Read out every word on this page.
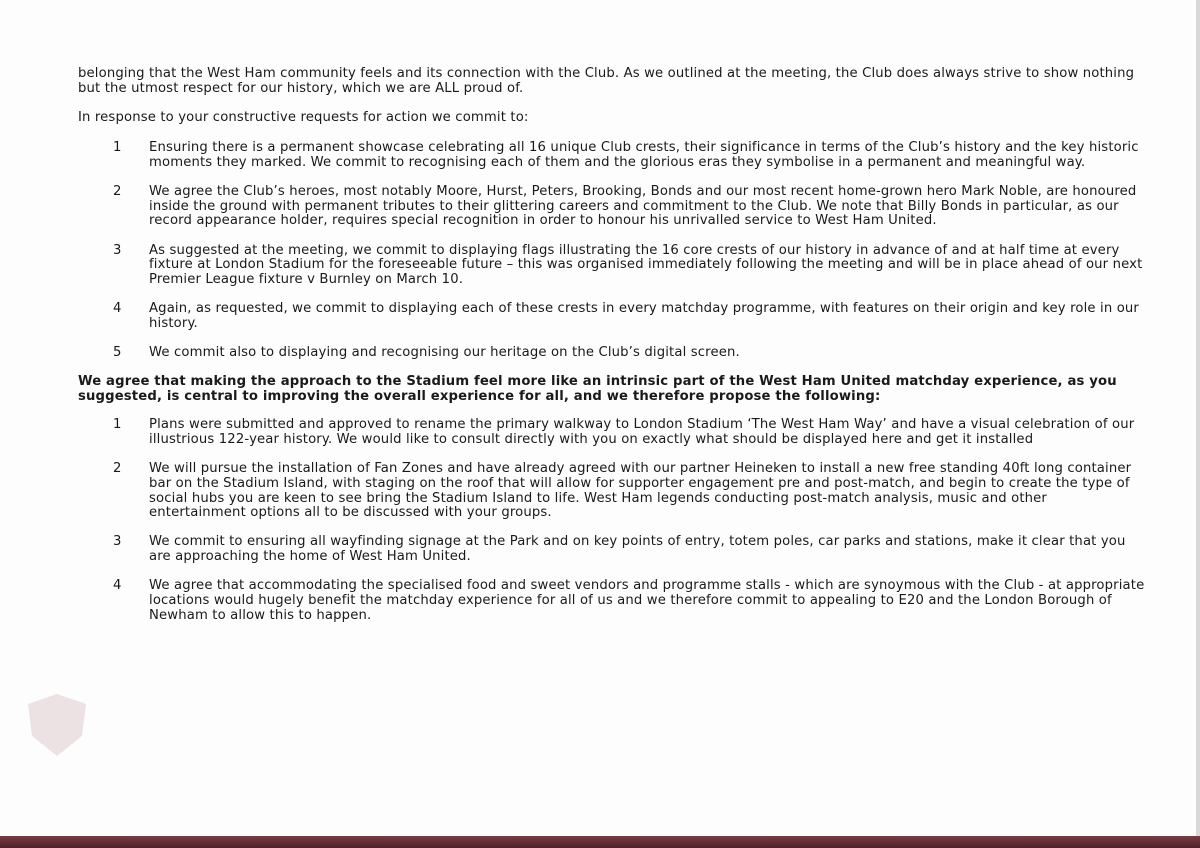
belonging that the West Ham community feels and its connection with the Club. As we outlined at the meeting, the Club does always strive to show nothing but the utmost respect for our history, which we are ALL proud of.

In response to your constructive requests for action we commit to:

1 Ensuring there is a permanent showcase celebrating all 16 unique Club crests, their significance in terms of the Club’s history and the key historic moments they marked. We commit to recognising each of them and the glorious eras they symbolise in a permanent and meaningful way.
2 We agree the Club’s heroes, most notably Moore, Hurst, Peters, Brooking, Bonds and our most recent home-grown hero Mark Noble, are honoured inside the ground with permanent tributes to their glittering careers and commitment to the Club. We note that Billy Bonds in particular, as our record appearance holder, requires special recognition in order to honour his unrivalled service to West Ham United.
3 As suggested at the meeting, we commit to displaying flags illustrating the 16 core crests of our history in advance of and at half time at every fixture at London Stadium for the foreseeable future – this was organised immediately following the meeting and will be in place ahead of our next Premier League fixture v Burnley on March 10.
4 Again, as requested, we commit to displaying each of these crests in every matchday programme, with features on their origin and key role in our history.
5 We commit also to displaying and recognising our heritage on the Club’s digital screen.

We agree that making the approach to the Stadium feel more like an intrinsic part of the West Ham United matchday experience, as you suggested, is central to improving the overall experience for all, and we therefore propose the following:

1 Plans were submitted and approved to rename the primary walkway to London Stadium ‘The West Ham Way’ and have a visual celebration of our illustrious 122-year history. We would like to consult directly with you on exactly what should be displayed here and get it installed
2 We will pursue the installation of Fan Zones and have already agreed with our partner Heineken to install a new free standing 40ft long container bar on the Stadium Island, with staging on the roof that will allow for supporter engagement pre and post-match, and begin to create the type of social hubs you are keen to see bring the Stadium Island to life. West Ham legends conducting post-match analysis, music and other entertainment options all to be discussed with your groups.
3 We commit to ensuring all wayfinding signage at the Park and on key points of entry, totem poles, car parks and stations, make it clear that you are approaching the home of West Ham United.
4 We agree that accommodating the specialised food and sweet vendors and programme stalls - which are synoymous with the Club - at appropriate locations would hugely benefit the matchday experience for all of us and we therefore commit to appealing to E20 and the London Borough of Newham to allow this to happen.
